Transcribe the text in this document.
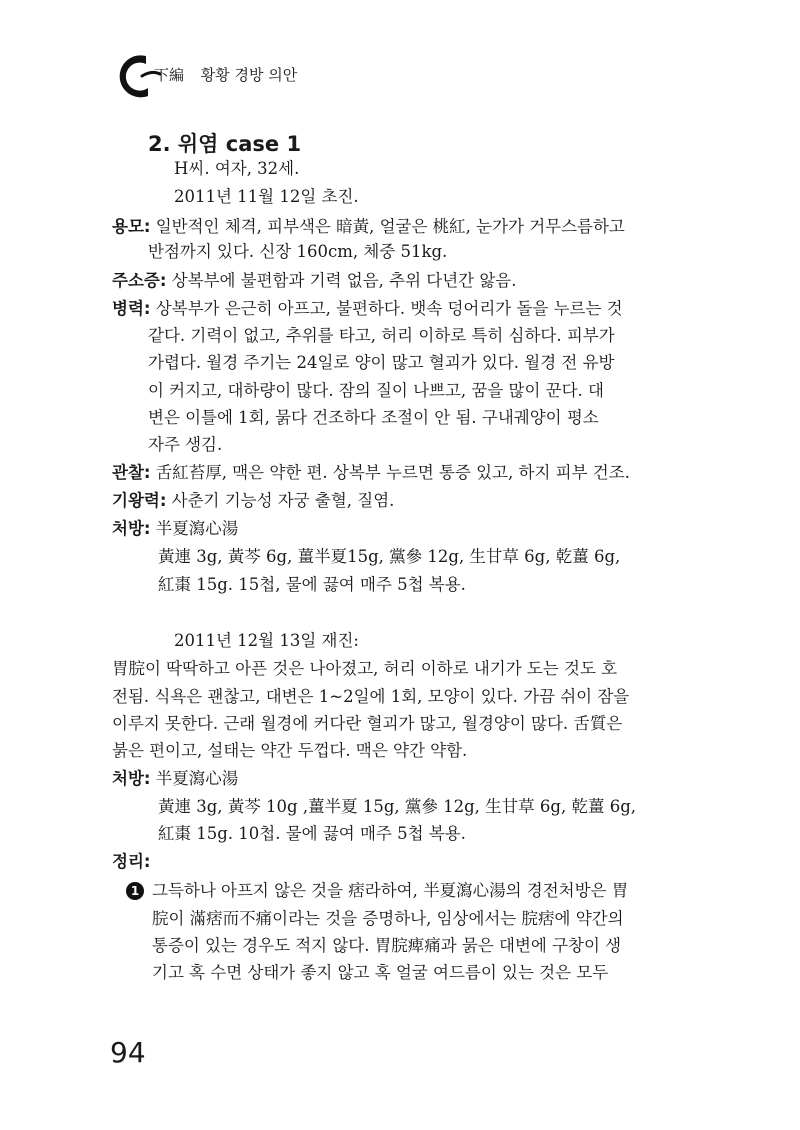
下編 황황 경방 의안
2. 위염 case 1
H씨. 여자, 32세.
2011년 11월 12일 초진.
용모: 일반적인 체격, 피부색은 暗黃, 얼굴은 桃紅, 눈가가 거무스름하고
반점까지 있다. 신장 160cm, 체중 51kg.
주소증: 상복부에 불편함과 기력 없음, 추위 다년간 앓음.
병력: 상복부가 은근히 아프고, 불편하다. 뱃속 덩어리가 돌을 누르는 것
같다. 기력이 없고, 추위를 타고, 허리 이하로 특히 심하다. 피부가
가렵다. 월경 주기는 24일로 양이 많고 혈괴가 있다. 월경 전 유방
이 커지고, 대하량이 많다. 잠의 질이 나쁘고, 꿈을 많이 꾼다. 대
변은 이틀에 1회, 묽다 건조하다 조절이 안 됨. 구내궤양이 평소
자주 생김.
관찰: 舌紅苔厚, 맥은 약한 편. 상복부 누르면 통증 있고, 하지 피부 건조.
기왕력: 사춘기 기능성 자궁 출혈, 질염.
처방: 半夏瀉心湯
黃連 3g, 黃芩 6g, 薑半夏15g, 黨參 12g, 生甘草 6g, 乾薑 6g,
紅棗 15g. 15첩, 물에 끓여 매주 5첩 복용.
2011년 12월 13일 재진:
胃脘이 딱딱하고 아픈 것은 나아졌고, 허리 이하로 내기가 도는 것도 호
전됨. 식욕은 괜찮고, 대변은 1~2일에 1회, 모양이 있다. 가끔 쉬이 잠을
이루지 못한다. 근래 월경에 커다란 혈괴가 많고, 월경양이 많다. 舌質은
붉은 편이고, 설태는 약간 두껍다. 맥은 약간 약함.
처방: 半夏瀉心湯
黃連 3g, 黃芩 10g ,薑半夏 15g, 黨參 12g, 生甘草 6g, 乾薑 6g,
紅棗 15g. 10첩. 물에 끓여 매주 5첩 복용.
정리:
1 그득하나 아프지 않은 것을 痞라하여, 半夏瀉心湯의 경전처방은 胃
脘이 滿痞而不痛이라는 것을 증명하나, 임상에서는 脘痞에 약간의
통증이 있는 경우도 적지 않다. 胃脘痺痛과 묽은 대변에 구창이 생
기고 혹 수면 상태가 좋지 않고 혹 얼굴 여드름이 있는 것은 모두
94
